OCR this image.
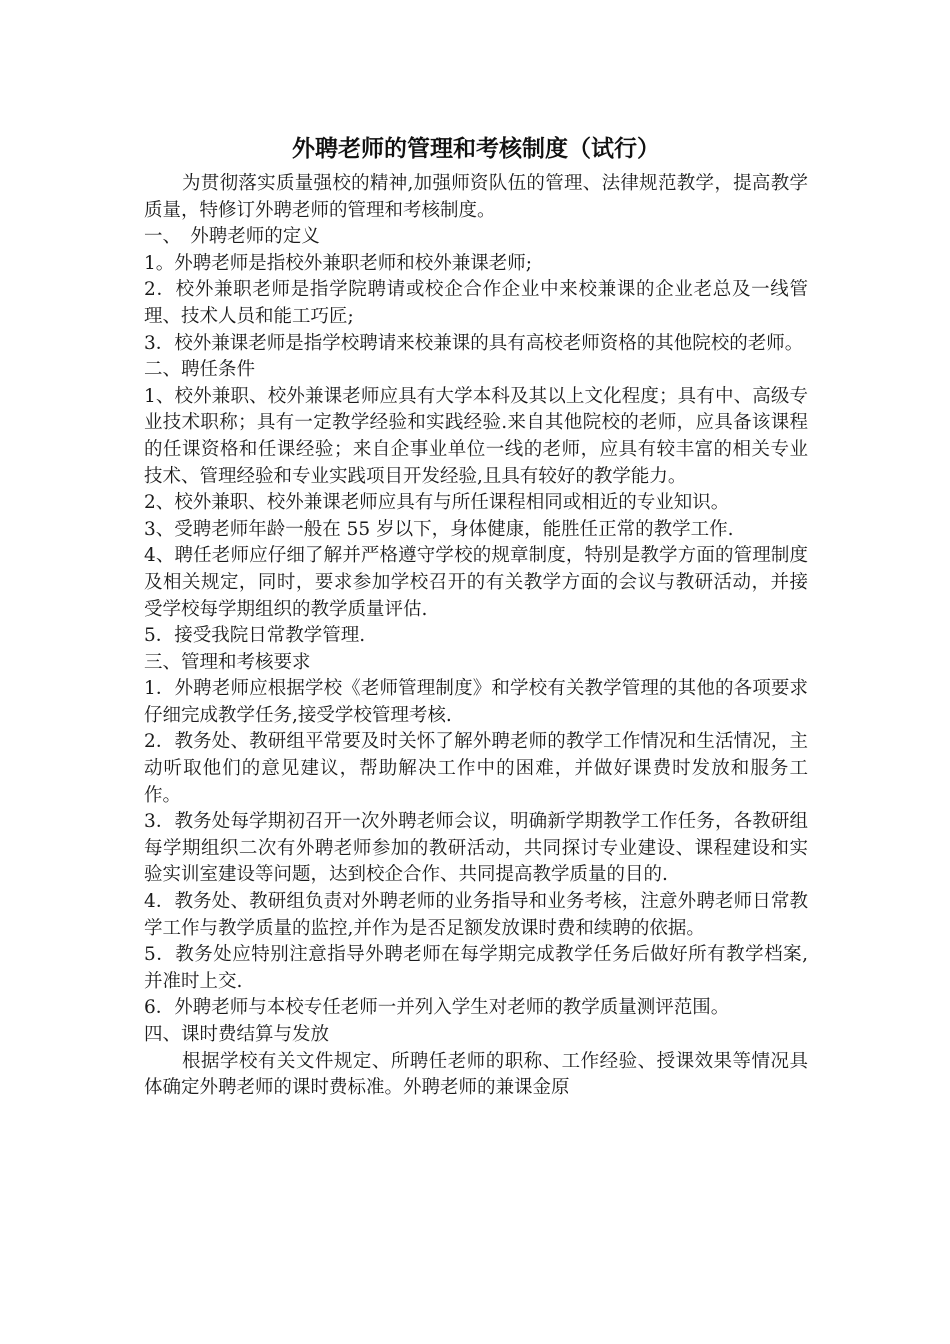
外聘老师的管理和考核制度（试行）

为贯彻落实质量强校的精神,加强师资队伍的管理、法律规范教学，提高教学质量，特修订外聘老师的管理和考核制度。

一、　外聘老师的定义

1。外聘老师是指校外兼职老师和校外兼课老师;

2．校外兼职老师是指学院聘请或校企合作企业中来校兼课的企业老总及一线管理、技术人员和能工巧匠;

3．校外兼课老师是指学校聘请来校兼课的具有高校老师资格的其他院校的老师。

二、聘任条件

1、校外兼职、校外兼课老师应具有大学本科及其以上文化程度；具有中、高级专业技术职称；具有一定教学经验和实践经验.来自其他院校的老师，应具备该课程的任课资格和任课经验；来自企事业单位一线的老师，应具有较丰富的相关专业技术、管理经验和专业实践项目开发经验,且具有较好的教学能力。

2、校外兼职、校外兼课老师应具有与所任课程相同或相近的专业知识。

3、受聘老师年龄一般在 55 岁以下，身体健康，能胜任正常的教学工作.

4、聘任老师应仔细了解并严格遵守学校的规章制度，特别是教学方面的管理制度及相关规定，同时，要求参加学校召开的有关教学方面的会议与教研活动，并接受学校每学期组织的教学质量评估.

5．接受我院日常教学管理.

三、管理和考核要求

1．外聘老师应根据学校《老师管理制度》和学校有关教学管理的其他的各项要求仔细完成教学任务,接受学校管理考核.

2．教务处、教研组平常要及时关怀了解外聘老师的教学工作情况和生活情况，主动听取他们的意见建议，帮助解决工作中的困难，并做好课费时发放和服务工作。

3．教务处每学期初召开一次外聘老师会议，明确新学期教学工作任务，各教研组每学期组织二次有外聘老师参加的教研活动，共同探讨专业建设、课程建设和实验实训室建设等问题，达到校企合作、共同提高教学质量的目的.

4．教务处、教研组负责对外聘老师的业务指导和业务考核，注意外聘老师日常教学工作与教学质量的监控,并作为是否足额发放课时费和续聘的依据。

5．教务处应特别注意指导外聘老师在每学期完成教学任务后做好所有教学档案,并准时上交.

6．外聘老师与本校专任老师一并列入学生对老师的教学质量测评范围。

四、课时费结算与发放

根据学校有关文件规定、所聘任老师的职称、工作经验、授课效果等情况具体确定外聘老师的课时费标准。外聘老师的兼课金原
